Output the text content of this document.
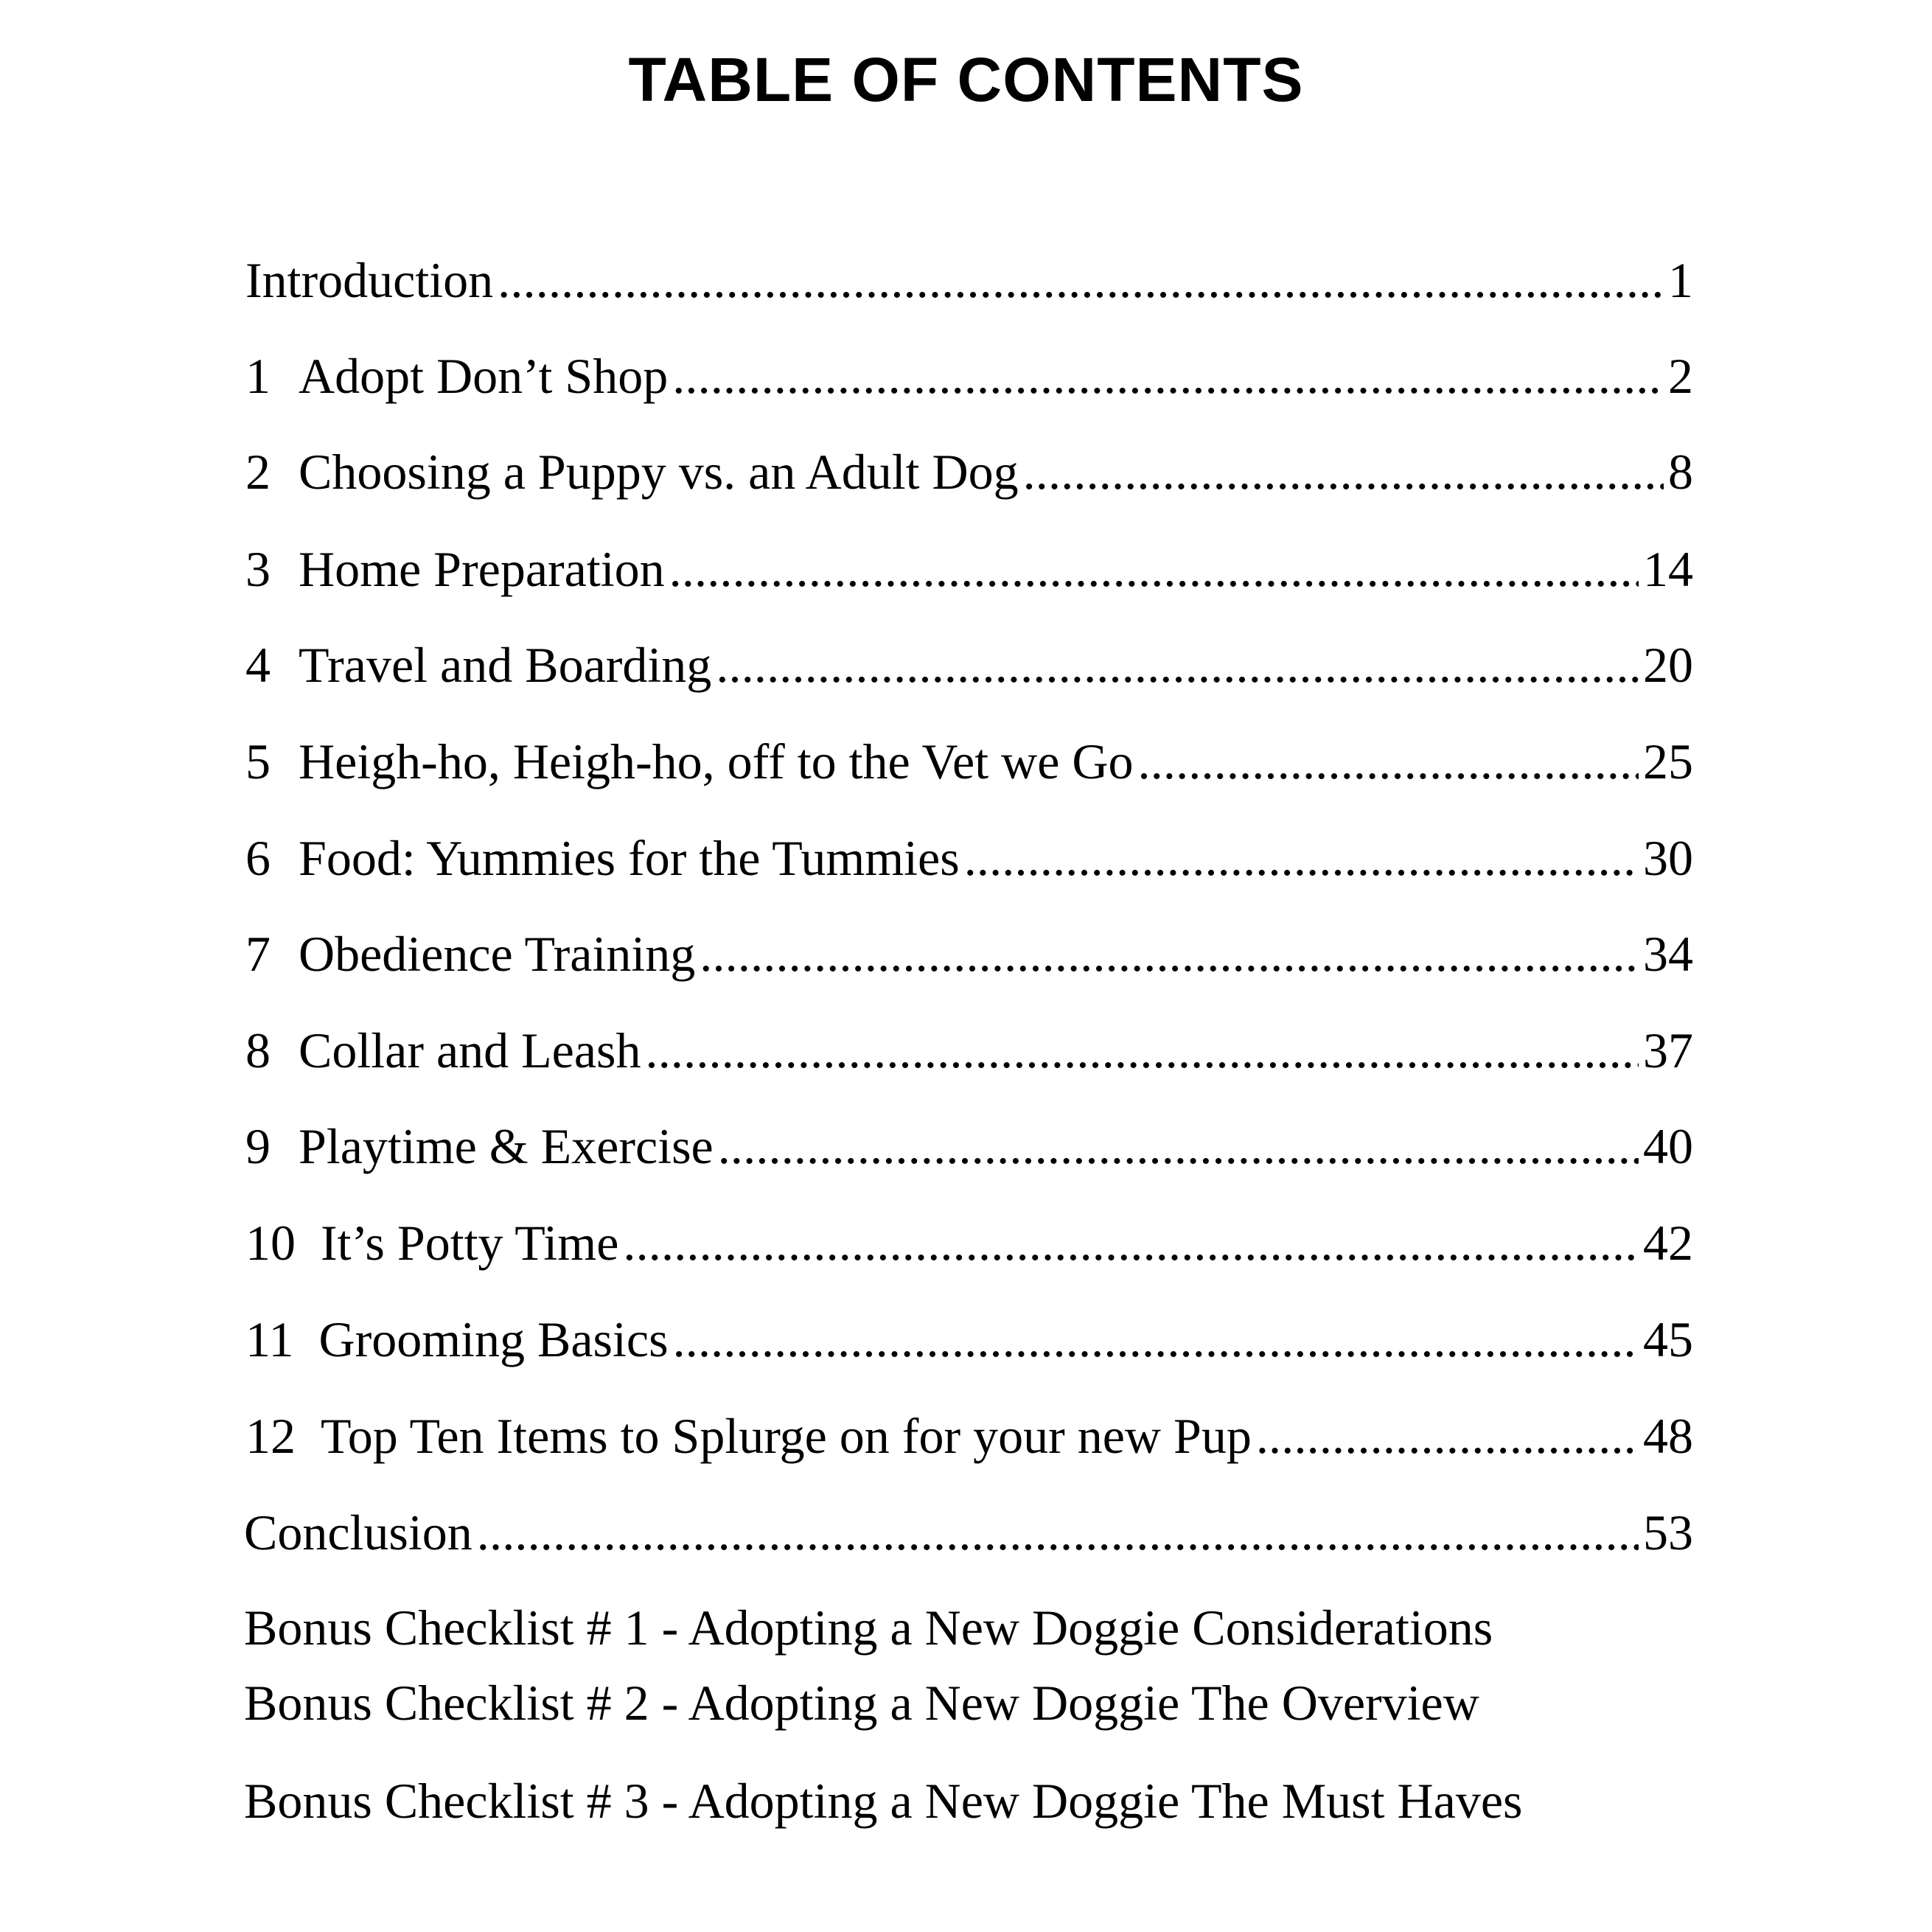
TABLE OF CONTENTS
Introduction .....	1
1 Adopt Don’t Shop .....	2
2 Choosing a Puppy vs. an Adult Dog .....	8
3 Home Preparation .....	14
4 Travel and Boarding .....	20
5 Heigh-ho, Heigh-ho, off to the Vet we Go .....	25
6 Food: Yummies for the Tummies .....	30
7 Obedience Training .....	34
8 Collar and Leash .....	37
9 Playtime & Exercise .....	40
10 It’s Potty Time .....	42
11 Grooming Basics .....	45
12 Top Ten Items to Splurge on for your new Pup .....	48
Conclusion .....	53
Bonus Checklist # 1 - Adopting a New Doggie Considerations
Bonus Checklist # 2 - Adopting a New Doggie The Overview
Bonus Checklist # 3 - Adopting a New Doggie The Must Haves
